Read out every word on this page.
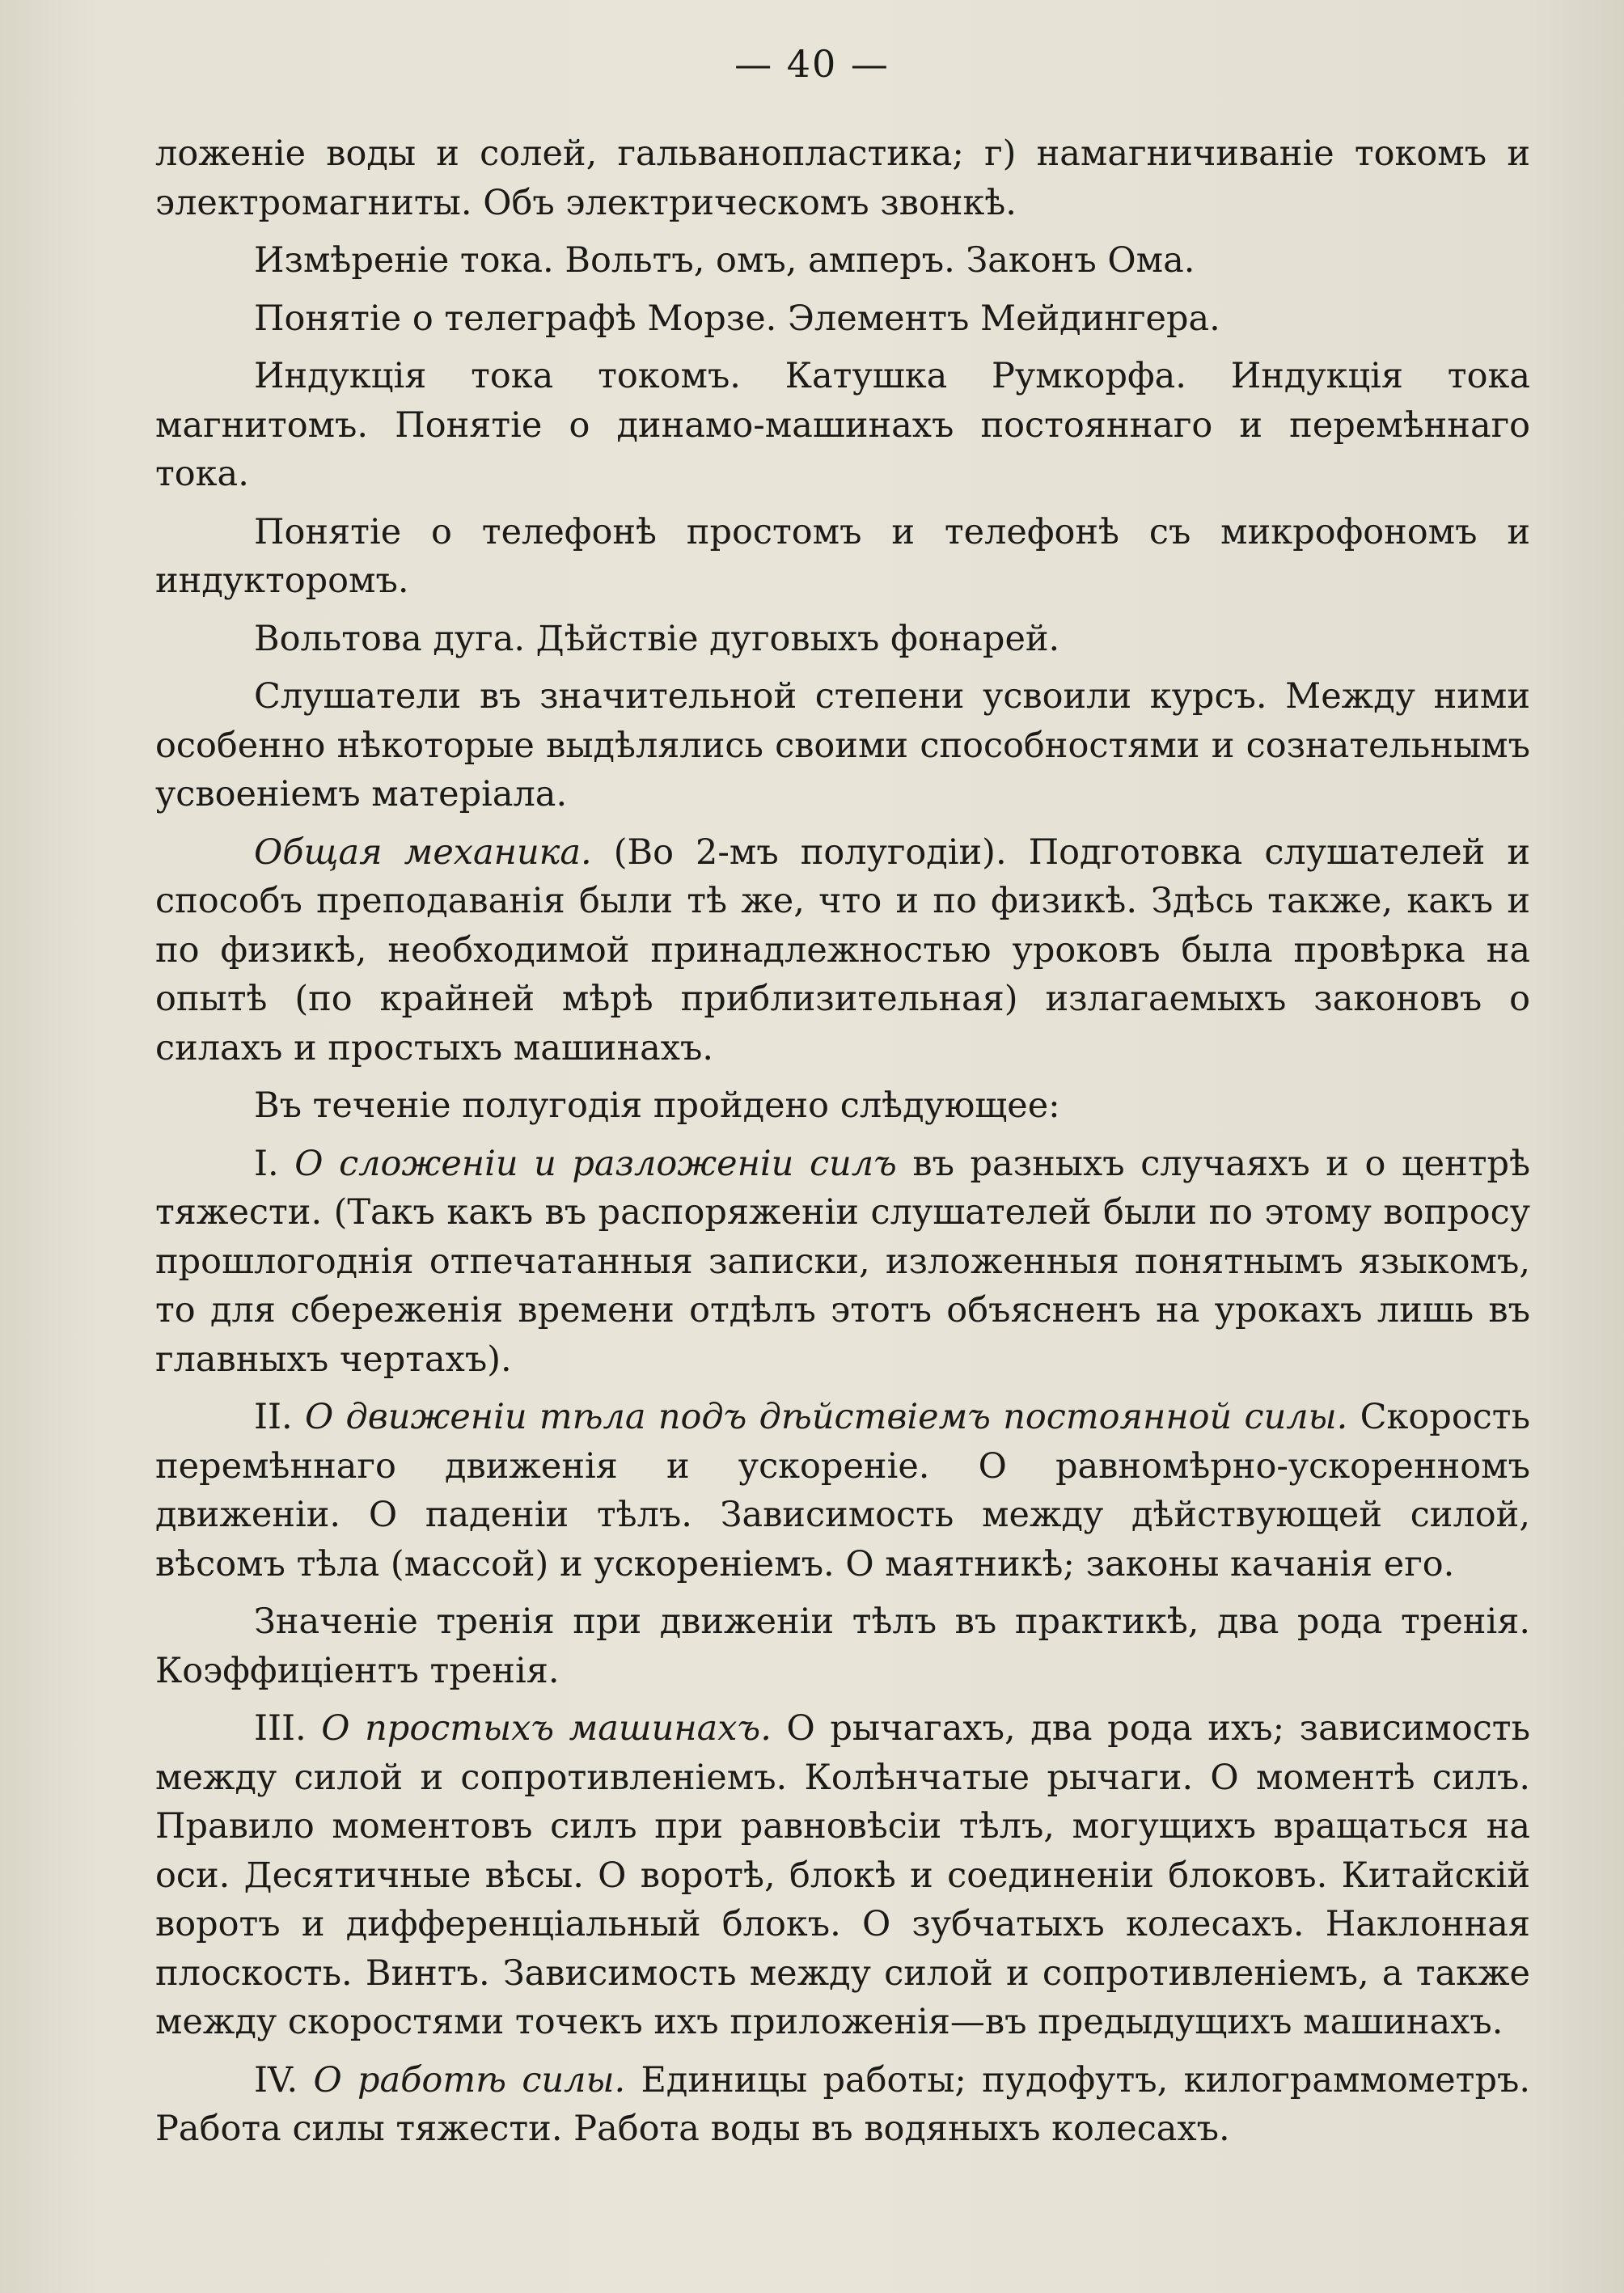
— 40 —

ложеніе воды и солей, гальванопластика; г) намагничиваніе токомъ и электромагниты. Объ электрическомъ звонкѣ.

Измѣреніе тока. Вольтъ, омъ, амперъ. Законъ Ома.

Понятіе о телеграфѣ Морзе. Элементъ Мейдингера.

Индукція тока токомъ. Катушка Румкорфа. Индукція тока магнитомъ. Понятіе о динамо-машинахъ постояннаго и перемѣннаго тока.

Понятіе о телефонѣ простомъ и телефонѣ съ микрофономъ и индукторомъ.

Вольтова дуга. Дѣйствіе дуговыхъ фонарей.

Слушатели въ значительной степени усвоили курсъ. Между ними особенно нѣкоторые выдѣлялись своими способностями и сознательнымъ усвоеніемъ матеріала.

Общая механика. (Во 2-мъ полугодіи). Подготовка слушателей и способъ преподаванія были тѣ же, что и по физикѣ. Здѣсь также, какъ и по физикѣ, необходимой принадлежностью уроковъ была провѣрка на опытѣ (по крайней мѣрѣ приблизительная) излагаемыхъ законовъ о силахъ и простыхъ машинахъ.

Въ теченіе полугодія пройдено слѣдующее:

I. О сложеніи и разложеніи силъ въ разныхъ случаяхъ и о центрѣ тяжести. (Такъ какъ въ распоряженіи слушателей были по этому вопросу прошлогоднія отпечатанныя записки, изложенныя понятнымъ языкомъ, то для сбереженія времени отдѣлъ этотъ объясненъ на урокахъ лишь въ главныхъ чертахъ).

II. О движеніи тѣла подъ дѣйствіемъ постоянной силы. Скорость перемѣннаго движенія и ускореніе. О равномѣрно-ускоренномъ движеніи. О паденіи тѣлъ. Зависимость между дѣйствующей силой, вѣсомъ тѣла (массой) и ускореніемъ. О маятникѣ; законы качанія его.

Значеніе тренія при движеніи тѣлъ въ практикѣ, два рода тренія. Коэффиціентъ тренія.

III. О простыхъ машинахъ. О рычагахъ, два рода ихъ; зависимость между силой и сопротивленіемъ. Колѣнчатые рычаги. О моментѣ силъ. Правило моментовъ силъ при равновѣсіи тѣлъ, могущихъ вращаться на оси. Десятичные вѣсы. О воротѣ, блокѣ и соединеніи блоковъ. Китайскій воротъ и дифференціальный блокъ. О зубчатыхъ колесахъ. Наклонная плоскость. Винтъ. Зависимость между силой и сопротивленіемъ, а также между скоростями точекъ ихъ приложенія—въ предыдущихъ машинахъ.

IV. О работѣ силы. Единицы работы; пудофутъ, килограммометръ. Работа силы тяжести. Работа воды въ водяныхъ колесахъ.
